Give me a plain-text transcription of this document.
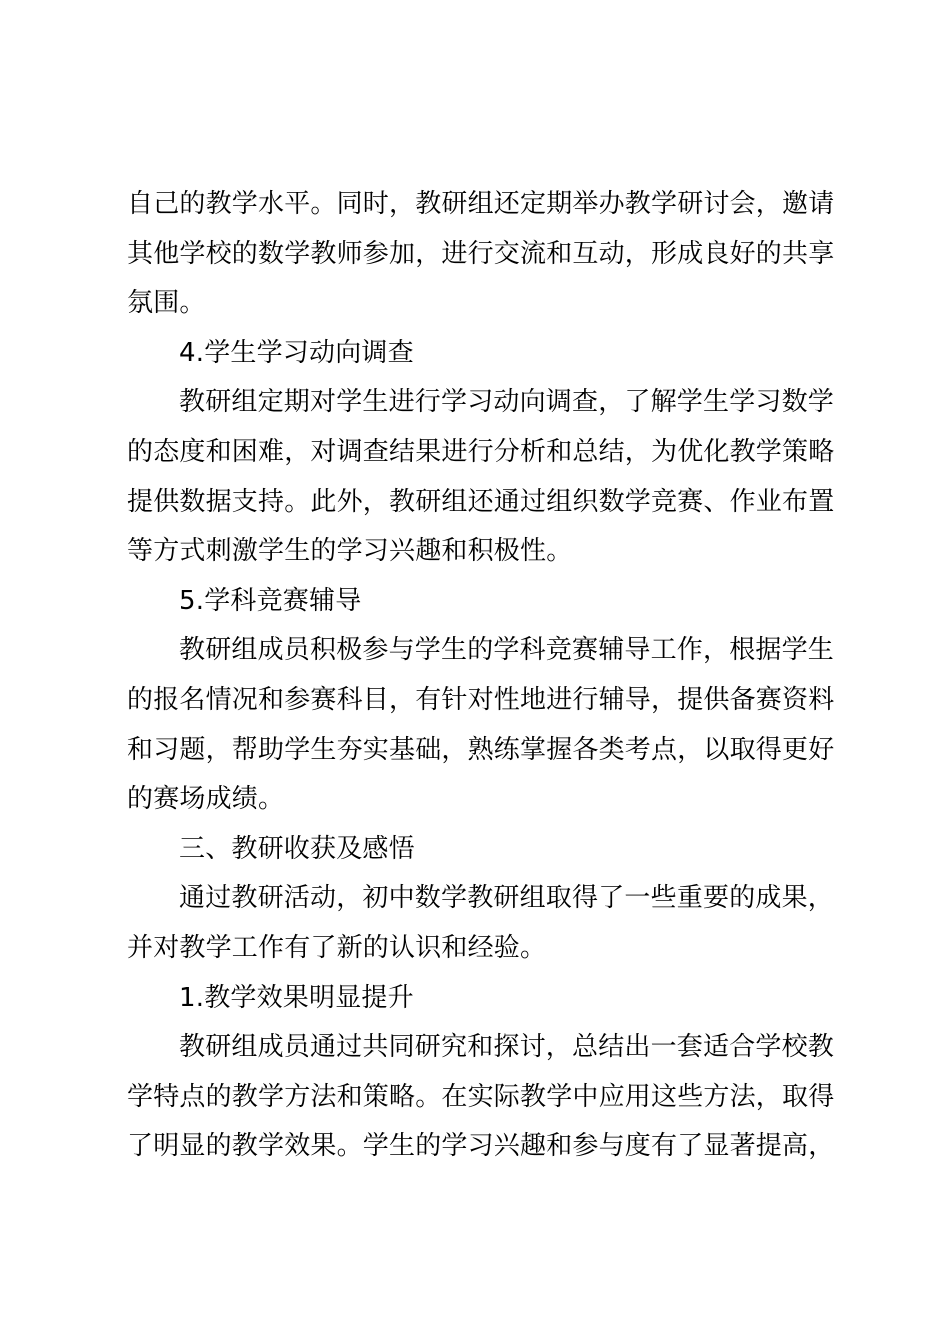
自己的教学水平。同时，教研组还定期举办教学研讨会，邀请
其他学校的数学教师参加，进行交流和互动，形成良好的共享
氛围。
4.学生学习动向调查
教研组定期对学生进行学习动向调查，了解学生学习数学
的态度和困难，对调查结果进行分析和总结，为优化教学策略
提供数据支持。此外，教研组还通过组织数学竞赛、作业布置
等方式刺激学生的学习兴趣和积极性。
5.学科竞赛辅导
教研组成员积极参与学生的学科竞赛辅导工作，根据学生
的报名情况和参赛科目，有针对性地进行辅导，提供备赛资料
和习题，帮助学生夯实基础，熟练掌握各类考点，以取得更好
的赛场成绩。
三、教研收获及感悟
通过教研活动，初中数学教研组取得了一些重要的成果，
并对教学工作有了新的认识和经验。
1.教学效果明显提升
教研组成员通过共同研究和探讨，总结出一套适合学校教
学特点的教学方法和策略。在实际教学中应用这些方法，取得
了明显的教学效果。学生的学习兴趣和参与度有了显著提高，
